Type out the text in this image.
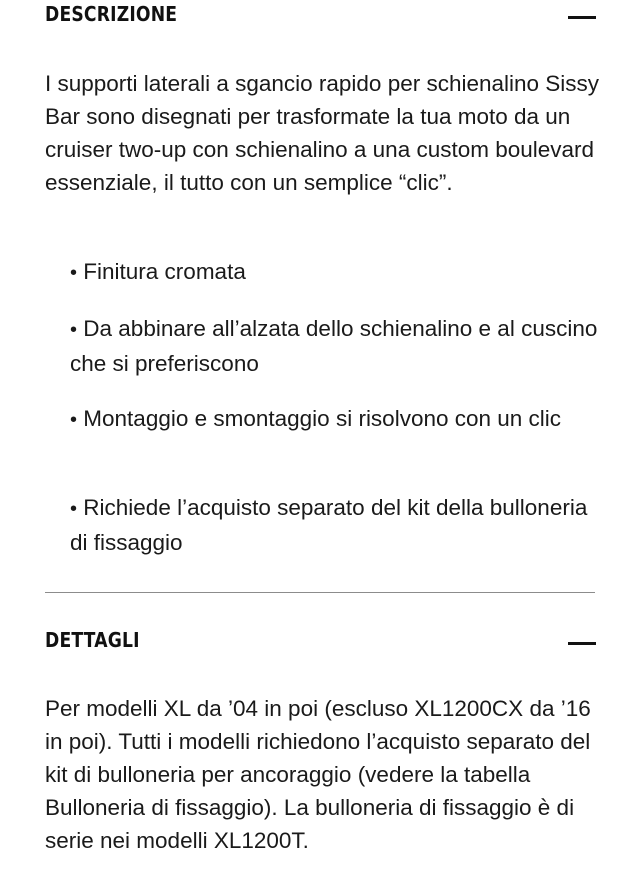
DESCRIZIONE

I supporti laterali a sgancio rapido per schienalino Sissy Bar sono disegnati per trasformate la tua moto da un cruiser two-up con schienalino a una custom boulevard essenziale, il tutto con un semplice “clic”.

• Finitura cromata

• Da abbinare all’alzata dello schienalino e al cuscino che si preferiscono

• Montaggio e smontaggio si risolvono con un clic

• Richiede l’acquisto separato del kit della bulloneria di fissaggio

DETTAGLI

Per modelli XL da ’04 in poi (escluso XL1200CX da ’16 in poi). Tutti i modelli richiedono l’acquisto separato del kit di bulloneria per ancoraggio (vedere la tabella Bulloneria di fissaggio). La bulloneria di fissaggio è di serie nei modelli XL1200T.
